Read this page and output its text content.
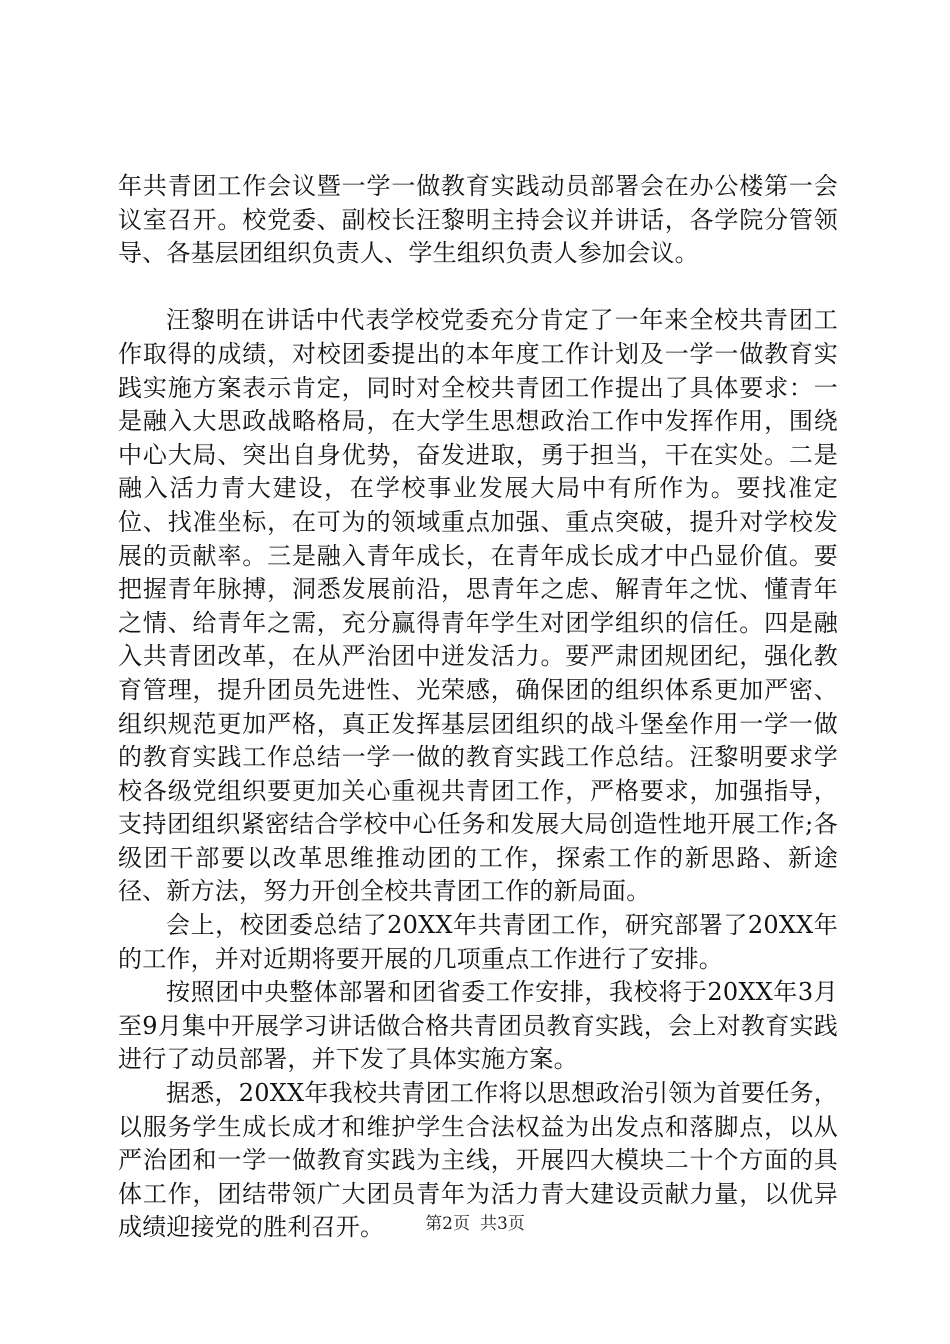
年共青团工作会议暨一学一做教育实践动员部署会在办公楼第一会议室召开。校党委、副校长汪黎明主持会议并讲话，各学院分管领导、各基层团组织负责人、学生组织负责人参加会议。

汪黎明在讲话中代表学校党委充分肯定了一年来全校共青团工作取得的成绩，对校团委提出的本年度工作计划及一学一做教育实践实施方案表示肯定，同时对全校共青团工作提出了具体要求：一是融入大思政战略格局，在大学生思想政治工作中发挥作用，围绕中心大局、突出自身优势，奋发进取，勇于担当，干在实处。二是融入活力青大建设，在学校事业发展大局中有所作为。要找准定位、找准坐标，在可为的领域重点加强、重点突破，提升对学校发展的贡献率。三是融入青年成长，在青年成长成才中凸显价值。要把握青年脉搏，洞悉发展前沿，思青年之虑、解青年之忧、懂青年之情、给青年之需，充分赢得青年学生对团学组织的信任。四是融入共青团改革，在从严治团中迸发活力。要严肃团规团纪，强化教育管理，提升团员先进性、光荣感，确保团的组织体系更加严密、组织规范更加严格，真正发挥基层团组织的战斗堡垒作用一学一做的教育实践工作总结一学一做的教育实践工作总结。汪黎明要求学校各级党组织要更加关心重视共青团工作，严格要求，加强指导，支持团组织紧密结合学校中心任务和发展大局创造性地开展工作;各级团干部要以改革思维推动团的工作，探索工作的新思路、新途径、新方法，努力开创全校共青团工作的新局面。

会上，校团委总结了20XX年共青团工作，研究部署了20XX年的工作，并对近期将要开展的几项重点工作进行了安排。

按照团中央整体部署和团省委工作安排，我校将于20XX年3月至9月集中开展学习讲话做合格共青团员教育实践，会上对教育实践进行了动员部署，并下发了具体实施方案。

据悉，20XX年我校共青团工作将以思想政治引领为首要任务，以服务学生成长成才和维护学生合法权益为出发点和落脚点，以从严治团和一学一做教育实践为主线，开展四大模块二十个方面的具体工作，团结带领广大团员青年为活力青大建设贡献力量，以优异成绩迎接党的胜利召开。	第2页 共3页
